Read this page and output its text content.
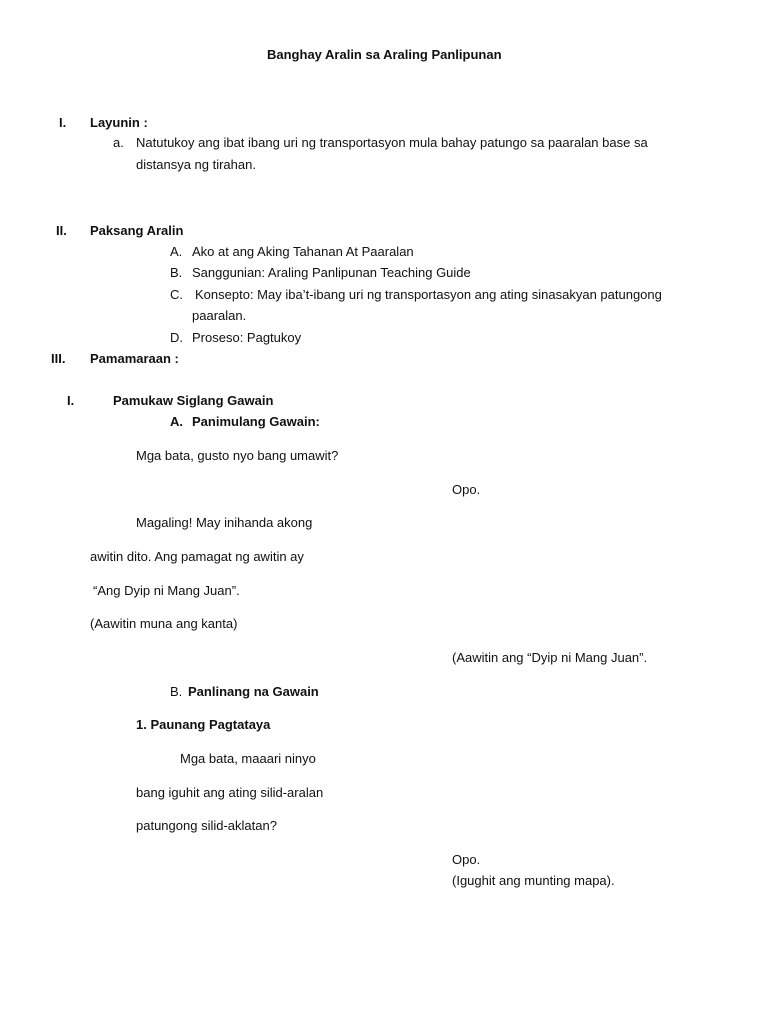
Banghay Aralin sa Araling Panlipunan
I. Layunin :
a. Natutukoy ang ibat ibang uri ng transportasyon mula bahay patungo sa paaralan base sa
distansya ng tirahan.
II. Paksang Aralin
A. Ako at ang Aking Tahanan At Paaralan
B. Sanggunian: Araling Panlipunan Teaching Guide
C. Konsepto: May iba’t-ibang uri ng transportasyon ang ating sinasakyan patungong
paaralan.
D. Proseso: Pagtukoy
III. Pamamaraan :
I.	Pamukaw Siglang Gawain
A. Panimulang Gawain:
Mga bata, gusto nyo bang umawit?
Opo.
Magaling! May inihanda akong
awitin dito. Ang pamagat ng awitin ay
“Ang Dyip ni Mang Juan”.
(Aawitin muna ang kanta)
(Aawitin ang “Dyip ni Mang Juan”.
B. Panlinang na Gawain
1. Paunang Pagtataya
Mga bata, maaari ninyo
bang iguhit ang ating silid-aralan
patungong silid-aklatan?
Opo.
(Igughit ang munting mapa).
